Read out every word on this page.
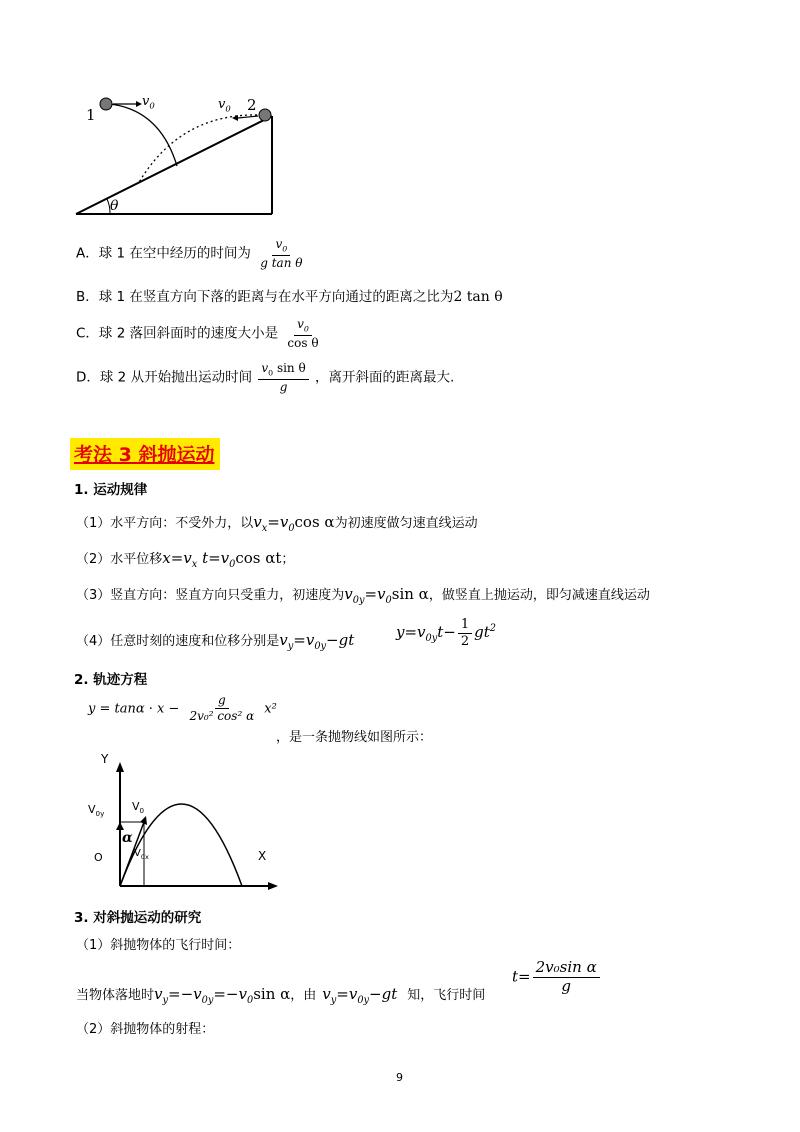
1
2
$v_0$	$v_0$
θ
A．球 1 在空中经历的时间为 $\frac{v_0}{\text{g tan θ}}$
B．球 1 在竖直方向下落的距离与在水平方向通过的距离之比为2 tan θ
C．球 2 落回斜面时的速度大小是 $\frac{v_0}{\text{cos θ}}$
D．球 2 从开始抛出运动时间 $\frac{v_0 \sin \theta}{g}$ ，离开斜面的距离最大.
考法 3 斜抛运动
1. 运动规律
（1）水平方向：不受外力，以$v_x=v_0\cos$ α为初速度做匀速直线运动
（2）水平位移$x=v_x$ $t=v_0\cos$ αt；
（3）竖直方向：竖直方向只受重力，初速度为$v_{0y}=v_0\sin$ α，做竖直上抛运动，即匀减速直线运动
（4）任意时刻的速度和位移分别是$v_y=v_{0y}-gt$	$y=v_{0y}t- \frac{1}{2} gt^2$
2. 轨迹方程
$y = \tan\alpha \cdot x - \frac{g}{\text{2v₀² cos² α}} x^2$
，是一条抛物线如图所示：
Y
X
O
$V_{0y}$
$V_0$
$V_{0x}$
α
3. 对斜抛运动的研究
（1）斜抛物体的飞行时间：
当物体落地时$v_y=-v_{0y}=-v_0\sin$ α，由 $v_y=v_{0y}-gt$ 知，飞行时间
$t= \frac{\text{2v₀sin α}}{g}$
（2）斜抛物体的射程：
9
